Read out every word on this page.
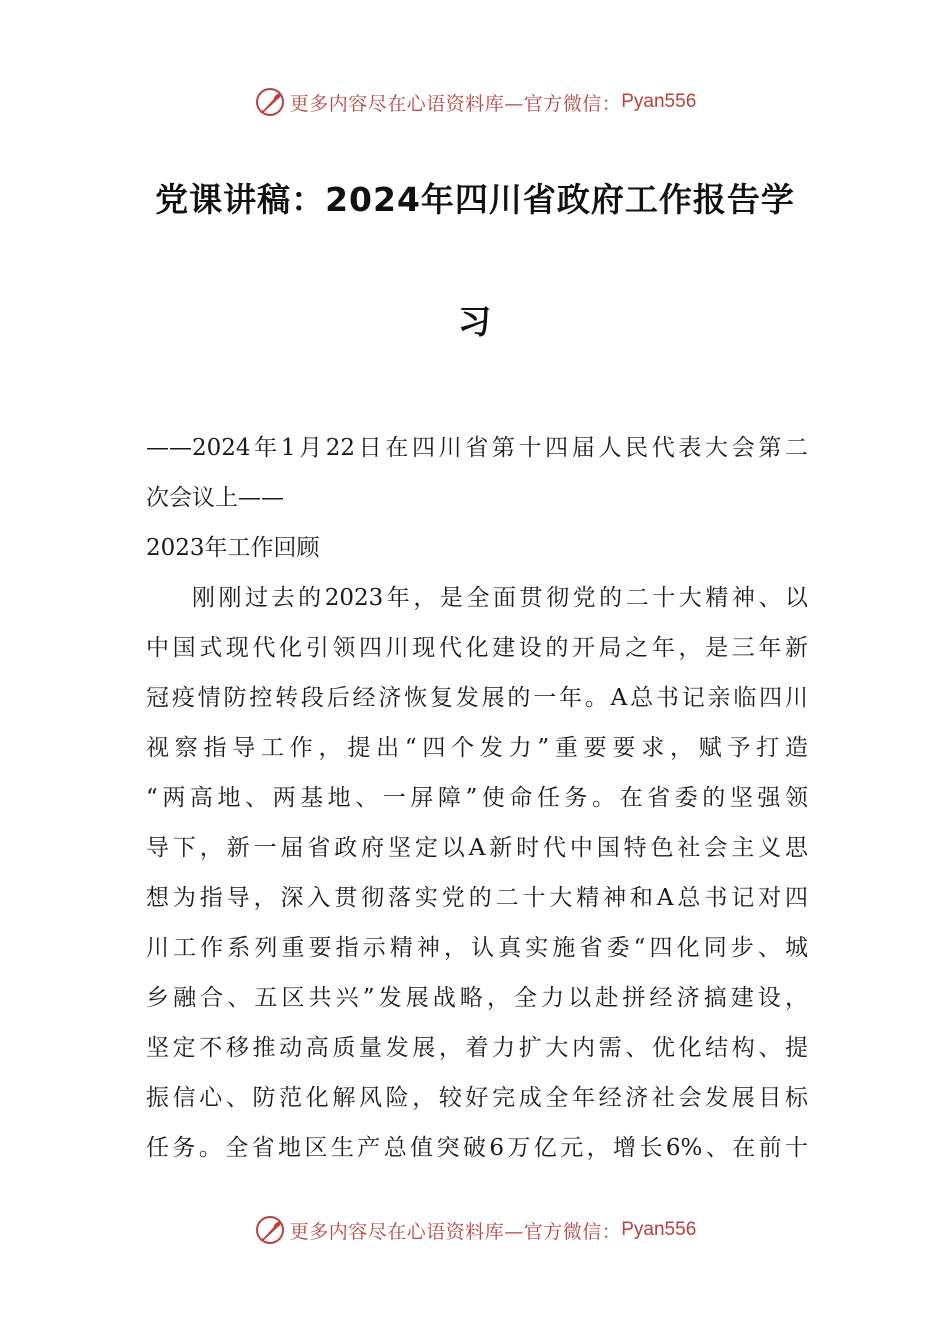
更多内容尽在心语资料库—官方微信： Pyan556
党课讲稿：2024年四川省政府工作报告学
习
——2024年1月22日在四川省第十四届人民代表大会第二
次会议上——
2023年工作回顾
刚刚过去的2023年，是全面贯彻党的二十大精神、以
中国式现代化引领四川现代化建设的开局之年，是三年新
冠疫情防控转段后经济恢复发展的一年。A总书记亲临四川
视察指导工作，提出“四个发力”重要要求，赋予打造
“两高地、两基地、一屏障”使命任务。在省委的坚强领
导下，新一届省政府坚定以A新时代中国特色社会主义思
想为指导，深入贯彻落实党的二十大精神和A总书记对四
川工作系列重要指示精神，认真实施省委“四化同步、城
乡融合、五区共兴”发展战略，全力以赴拼经济搞建设，
坚定不移推动高质量发展，着力扩大内需、优化结构、提
振信心、防范化解风险，较好完成全年经济社会发展目标
任务。全省地区生产总值突破6万亿元，增长6%、在前十
更多内容尽在心语资料库—官方微信： Pyan556
